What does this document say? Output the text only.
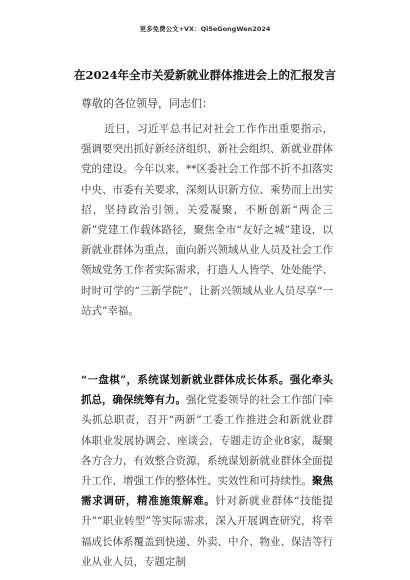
更多免费公文+VX：Qi5eGongWen2024
在2024年全市关爱新就业群体推进会上的汇报发言
尊敬的各位领导，同志们：
近日，习近平总书记对社会工作作出重要指示，强调要突出抓好新经济组织、新社会组织、新就业群体党的建设。今年以来，**区委社会工作部不折不扣落实中央、市委有关要求，深刻认识新方位、乘势而上出实招，坚持政治引领、关爱凝聚，不断创新“两企三新”党建工作载体路径，聚焦全市“友好之城”建设，以新就业群体为重点，面向新兴领域从业人员及社会工作领域党务工作者实际需求，打造人人皆学、处处能学、时时可学的“三新学院”，让新兴领域从业人员尽享“一站式”幸福。
“一盘棋”，系统谋划新就业群体成长体系。强化牵头抓总，确保统筹有力。强化党委领导的社会工作部门牵头抓总职责，召开“两新”工委工作推进会和新就业群体职业发展协调会、座谈会，专题走访企业8家，凝聚各方合力，有效整合资源，系统谋划新就业群体全面提升工作，增强工作的整体性、实效性和可持续性。聚焦需求调研，精准施策解难。针对新就业群体“技能提升”“职业转型”等实际需求，深入开展调查研究，将幸福成长体系覆盖到快递、外卖、中介、物业、保洁等行业从业人员，专题定制
